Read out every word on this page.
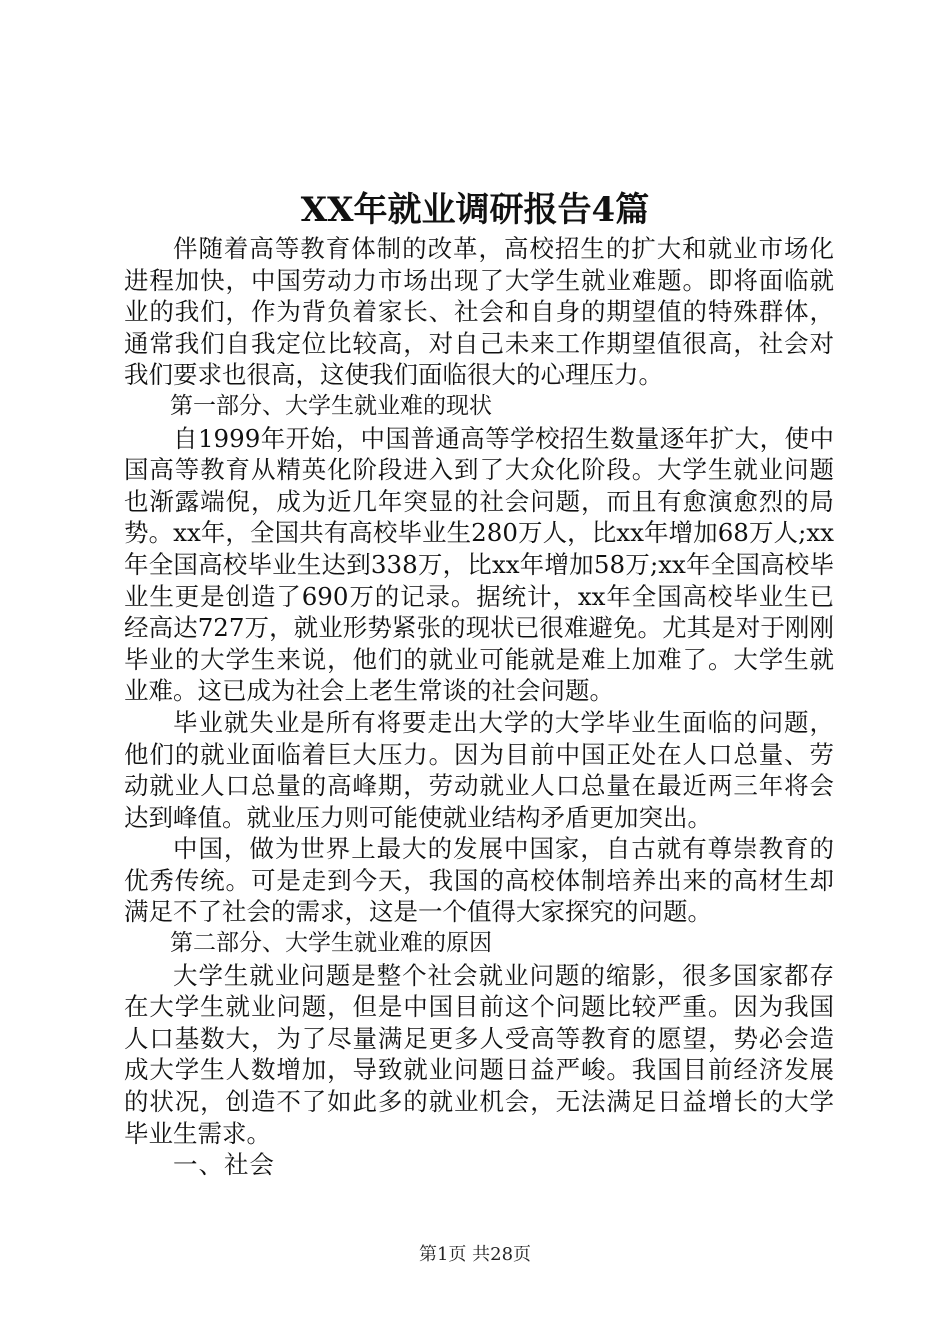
XX年就业调研报告4篇

伴随着高等教育体制的改革，高校招生的扩大和就业市场化进程加快，中国劳动力市场出现了大学生就业难题。即将面临就业的我们，作为背负着家长、社会和自身的期望值的特殊群体，通常我们自我定位比较高，对自己未来工作期望值很高，社会对我们要求也很高，这使我们面临很大的心理压力。

第一部分、大学生就业难的现状

自1999年开始，中国普通高等学校招生数量逐年扩大，使中国高等教育从精英化阶段进入到了大众化阶段。大学生就业问题也渐露端倪，成为近几年突显的社会问题，而且有愈演愈烈的局势。xx年，全国共有高校毕业生280万人，比xx年增加68万人;xx年全国高校毕业生达到338万，比xx年增加58万;xx年全国高校毕业生更是创造了690万的记录。据统计，xx年全国高校毕业生已经高达727万，就业形势紧张的现状已很难避免。尤其是对于刚刚毕业的大学生来说，他们的就业可能就是难上加难了。大学生就业难。这已成为社会上老生常谈的社会问题。

毕业就失业是所有将要走出大学的大学毕业生面临的问题，他们的就业面临着巨大压力。因为目前中国正处在人口总量、劳动就业人口总量的高峰期，劳动就业人口总量在最近两三年将会达到峰值。就业压力则可能使就业结构矛盾更加突出。

中国，做为世界上最大的发展中国家，自古就有尊崇教育的优秀传统。可是走到今天，我国的高校体制培养出来的高材生却满足不了社会的需求，这是一个值得大家探究的问题。

第二部分、大学生就业难的原因

大学生就业问题是整个社会就业问题的缩影，很多国家都存在大学生就业问题，但是中国目前这个问题比较严重。因为我国人口基数大，为了尽量满足更多人受高等教育的愿望，势必会造成大学生人数增加，导致就业问题日益严峻。我国目前经济发展的状况，创造不了如此多的就业机会，无法满足日益增长的大学毕业生需求。

一、社会

第1页 共28页
